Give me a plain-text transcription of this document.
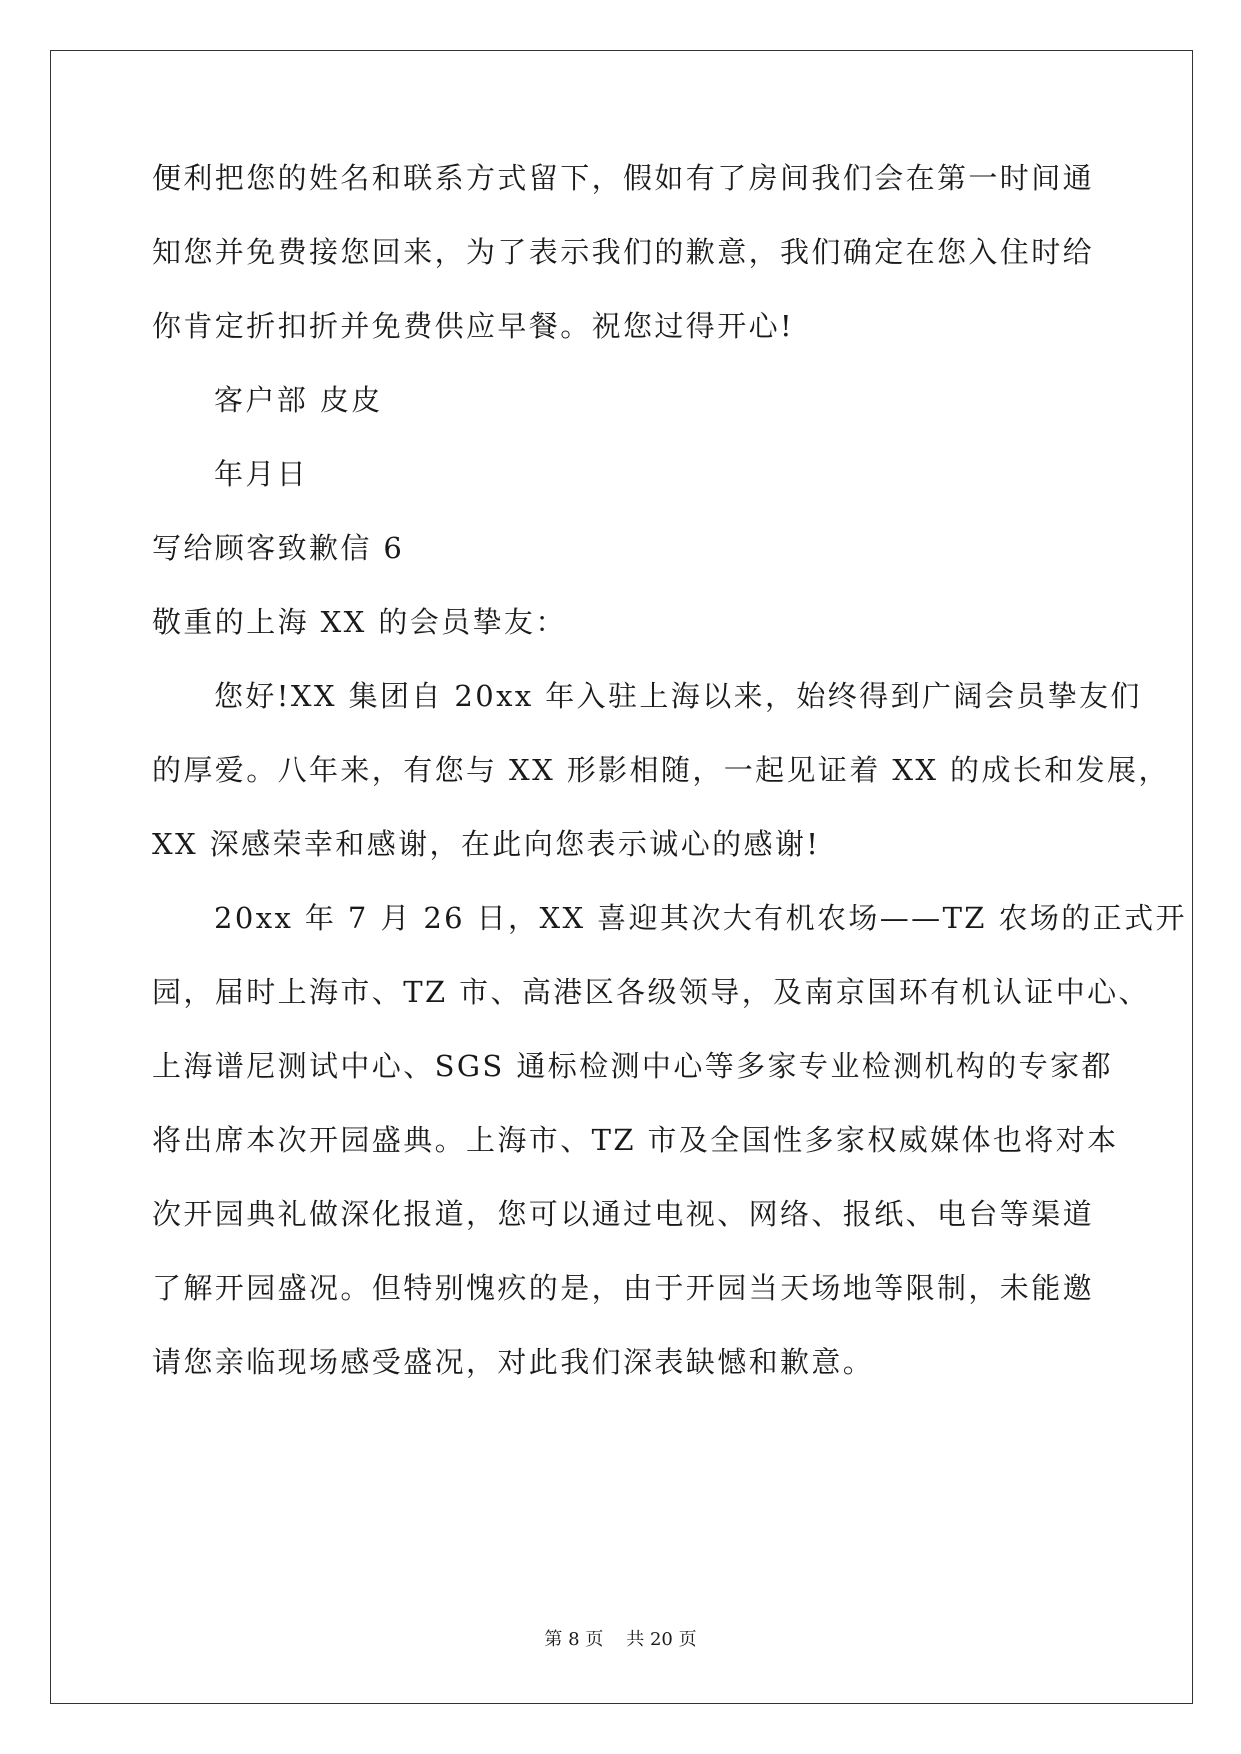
便利把您的姓名和联系方式留下，假如有了房间我们会在第一时间通
知您并免费接您回来，为了表示我们的歉意，我们确定在您入住时给
你肯定折扣折并免费供应早餐。祝您过得开心!
客户部 皮皮
年月日
写给顾客致歉信 6
敬重的上海 XX 的会员挚友：
您好!XX 集团自 20xx 年入驻上海以来，始终得到广阔会员挚友们
的厚爱。八年来，有您与 XX 形影相随，一起见证着 XX 的成长和发展，
XX 深感荣幸和感谢，在此向您表示诚心的感谢!
20xx 年 7 月 26 日，XX 喜迎其次大有机农场——TZ 农场的正式开
园，届时上海市、TZ 市、高港区各级领导，及南京国环有机认证中心、
上海谱尼测试中心、SGS 通标检测中心等多家专业检测机构的专家都
将出席本次开园盛典。上海市、TZ 市及全国性多家权威媒体也将对本
次开园典礼做深化报道，您可以通过电视、网络、报纸、电台等渠道
了解开园盛况。但特别愧疚的是，由于开园当天场地等限制，未能邀
请您亲临现场感受盛况，对此我们深表缺憾和歉意。
第 8 页 共 20 页
